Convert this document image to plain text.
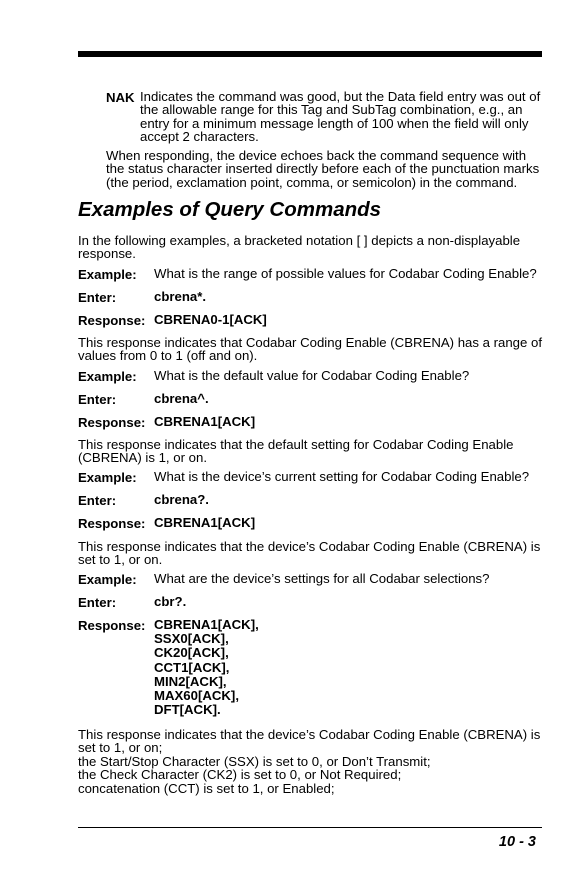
NAK Indicates the command was good, but the Data field entry was out of
the allowable range for this Tag and SubTag combination, e.g., an
entry for a minimum message length of 100 when the field will only
accept 2 characters.
When responding, the device echoes back the command sequence with
the status character inserted directly before each of the punctuation marks
(the period, exclamation point, comma, or semicolon) in the command.
Examples of Query Commands
In the following examples, a bracketed notation [ ] depicts a non-displayable
response.
Example: What is the range of possible values for Codabar Coding Enable?
Enter:	cbrena*.
Response: CBRENA0-1[ACK]
This response indicates that Codabar Coding Enable (CBRENA) has a range of
values from 0 to 1 (off and on).
Example: What is the default value for Codabar Coding Enable?
Enter:	cbrena^.
Response: CBRENA1[ACK]
This response indicates that the default setting for Codabar Coding Enable
(CBRENA) is 1, or on.
Example: What is the device’s current setting for Codabar Coding Enable?
Enter:	cbrena?.
Response: CBRENA1[ACK]
This response indicates that the device’s Codabar Coding Enable (CBRENA) is
set to 1, or on.
Example: What are the device’s settings for all Codabar selections?
Enter:	cbr?.
Response: CBRENA1[ACK],
SSX0[ACK],
CK20[ACK],
CCT1[ACK],
MIN2[ACK],
MAX60[ACK],
DFT[ACK].
This response indicates that the device’s Codabar Coding Enable (CBRENA) is
set to 1, or on;
the Start/Stop Character (SSX) is set to 0, or Don’t Transmit;
the Check Character (CK2) is set to 0, or Not Required;
concatenation (CCT) is set to 1, or Enabled;
10 - 3
